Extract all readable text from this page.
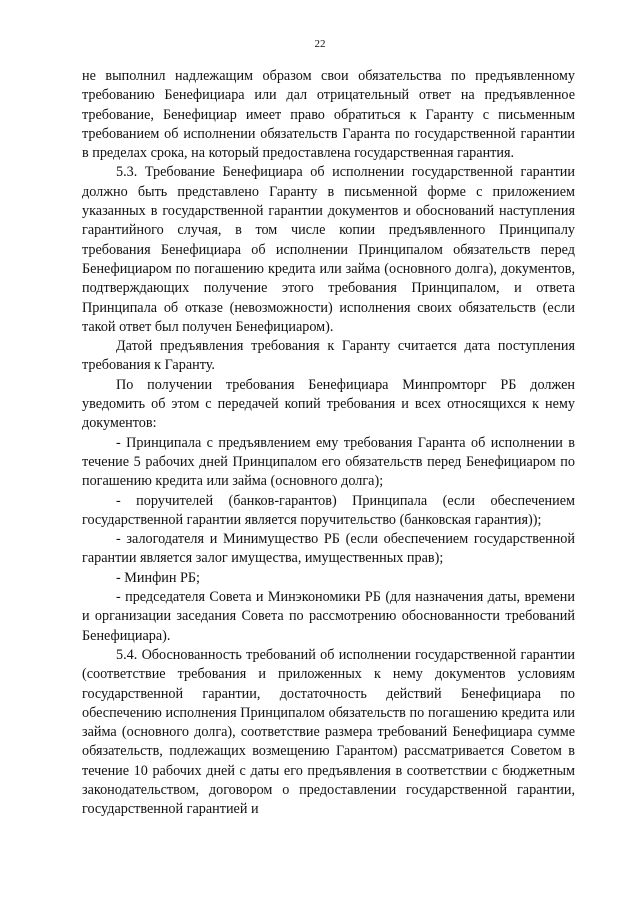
22

не выполнил надлежащим образом свои обязательства по предъявленному требованию Бенефициара или дал отрицательный ответ на предъявленное требование, Бенефициар имеет право обратиться к Гаранту с письменным требованием об исполнении обязательств Гаранта по государственной гарантии в пределах срока, на который предоставлена государственная гарантия.

5.3. Требование Бенефициара об исполнении государственной гарантии должно быть представлено Гаранту в письменной форме с приложением указанных в государственной гарантии документов и обоснований наступления гарантийного случая, в том числе копии предъявленного Принципалу требования Бенефициара об исполнении Принципалом обязательств перед Бенефициаром по погашению кредита или займа (основного долга), документов, подтверждающих получение этого требования Принципалом, и ответа Принципала об отказе (невозможности) исполнения своих обязательств (если такой ответ был получен Бенефициаром).

Датой предъявления требования к Гаранту считается дата поступления требования к Гаранту.

По получении требования Бенефициара Минпромторг РБ должен уведомить об этом с передачей копий требования и всех относящихся к нему документов:

- Принципала с предъявлением ему требования Гаранта об исполнении в течение 5 рабочих дней Принципалом его обязательств перед Бенефициаром по погашению кредита или займа (основного долга);

- поручителей (банков-гарантов) Принципала (если обеспечением государственной гарантии является поручительство (банковская гарантия));

- залогодателя и Минимущество РБ (если обеспечением государственной гарантии является залог имущества, имущественных прав);

- Минфин РБ;

- председателя Совета и Минэкономики РБ (для назначения даты, времени и организации заседания Совета по рассмотрению обоснованности требований Бенефициара).

5.4. Обоснованность требований об исполнении государственной гарантии (соответствие требования и приложенных к нему документов условиям государственной гарантии, достаточность действий Бенефициара по обеспечению исполнения Принципалом обязательств по погашению кредита или займа (основного долга), соответствие размера требований Бенефициара сумме обязательств, подлежащих возмещению Гарантом) рассматривается Советом в течение 10 рабочих дней с даты его предъявления в соответствии с бюджетным законодательством, договором о предоставлении государственной гарантии, государственной гарантией и
